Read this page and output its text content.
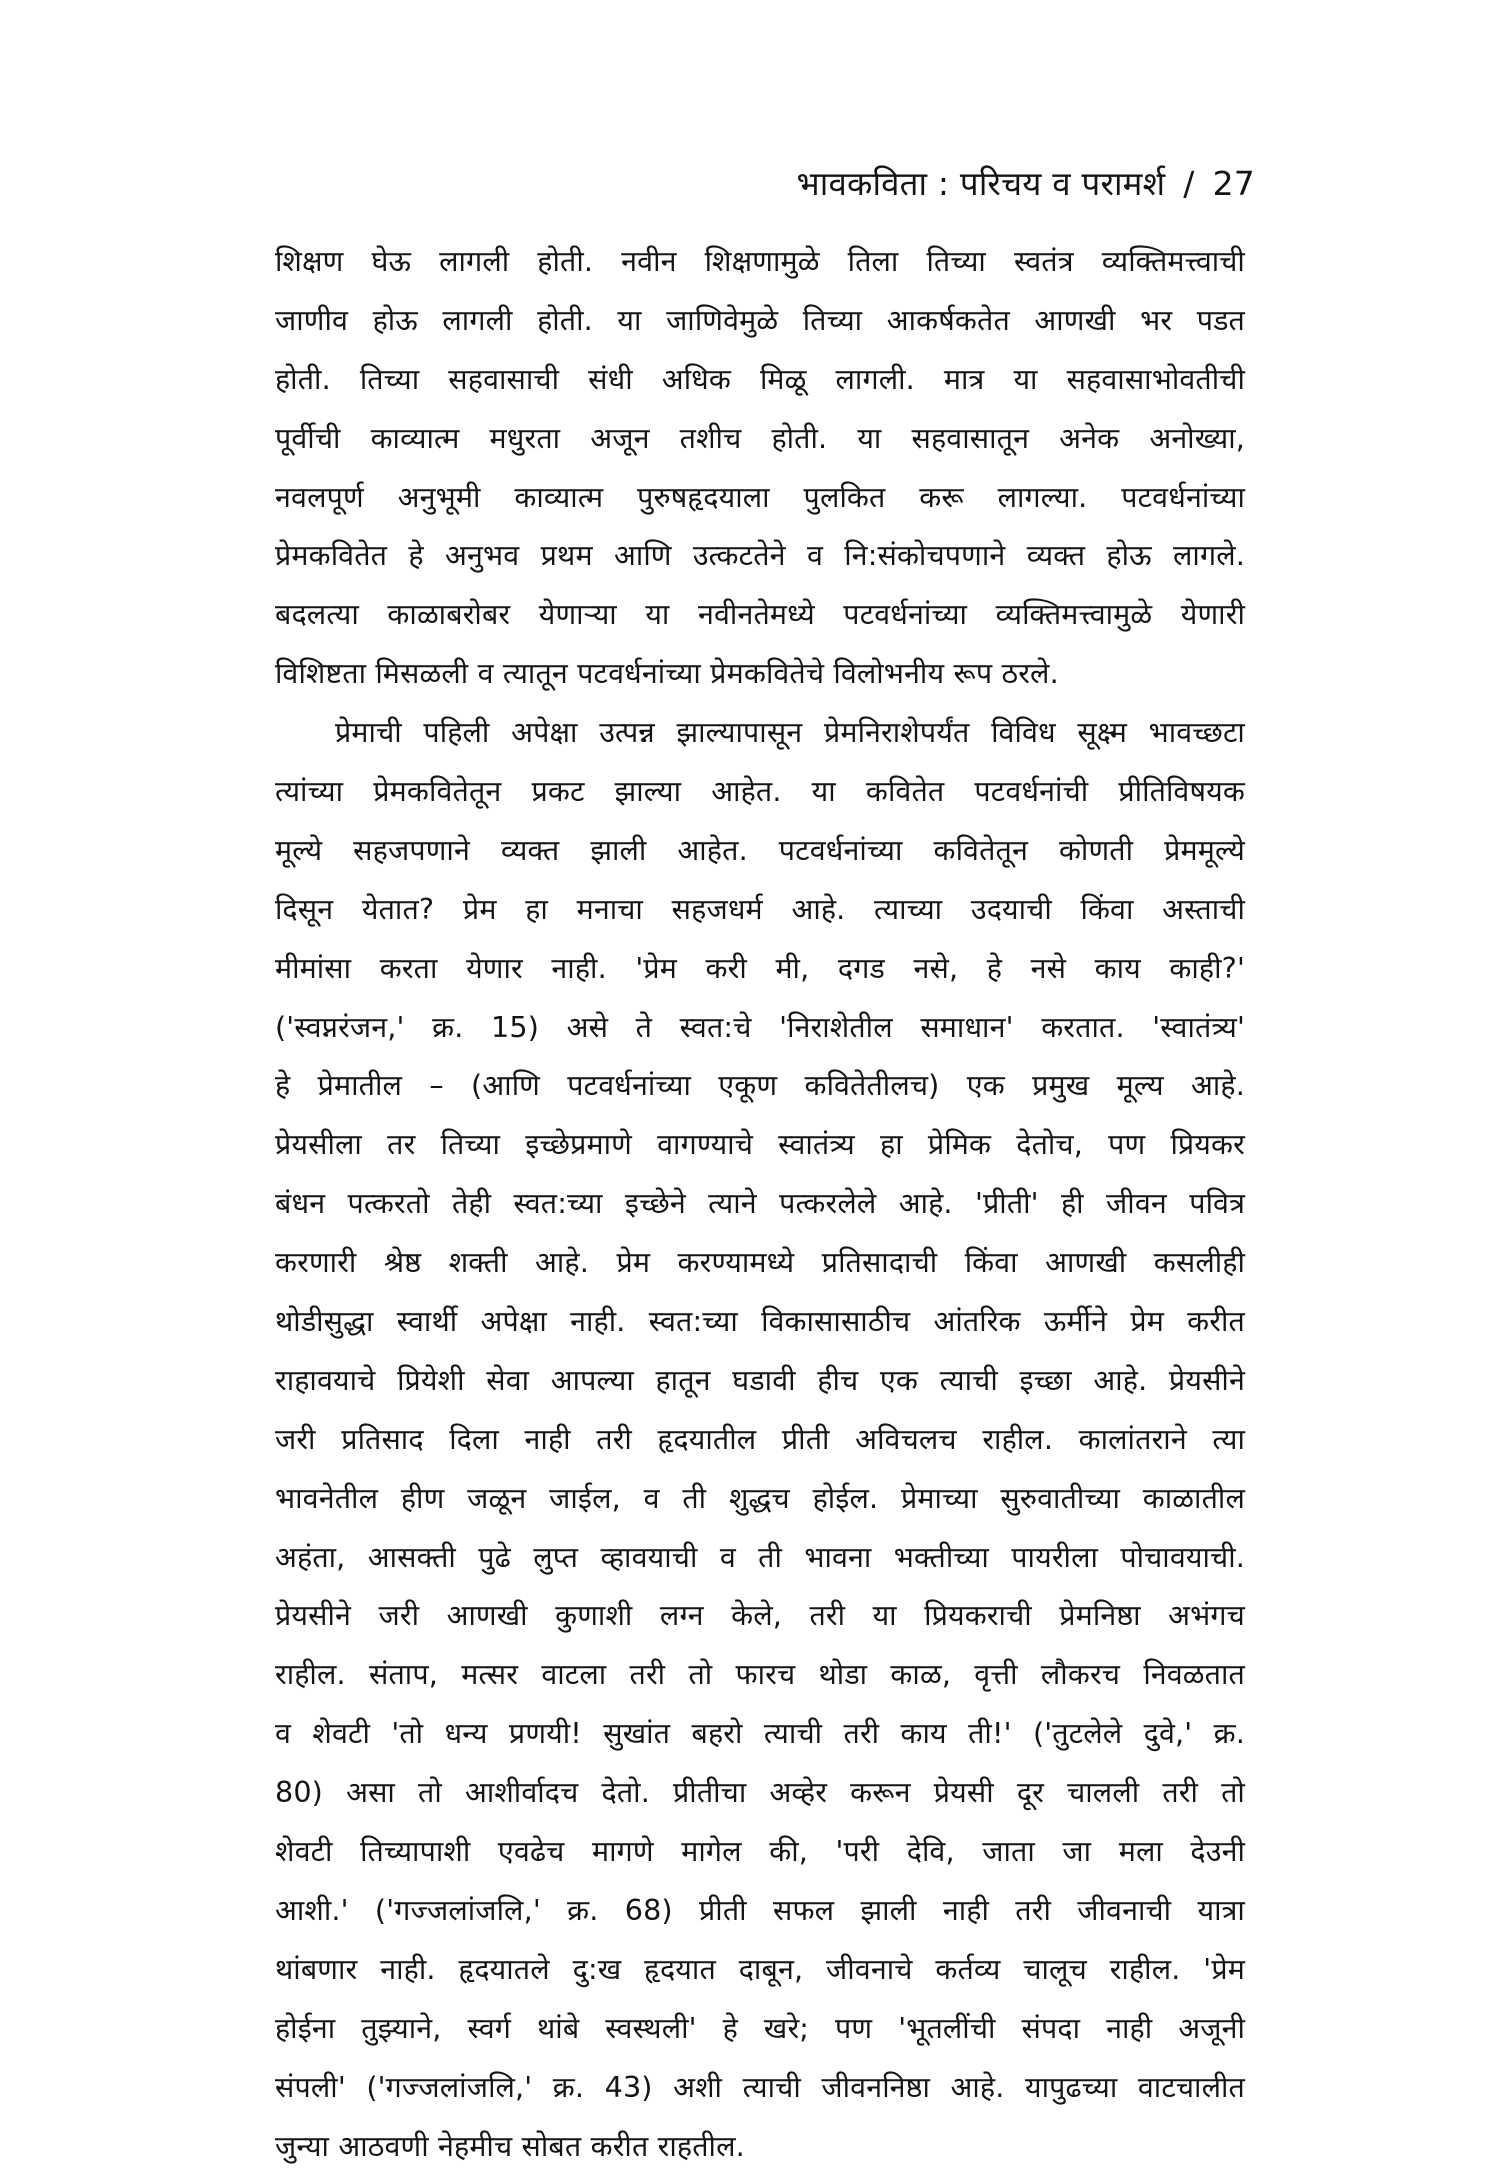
भावकविता : परिचय व परामर्श / 27
शिक्षण घेऊ लागली होती. नवीन शिक्षणामुळे तिला तिच्या स्वतंत्र व्यक्तिमत्त्वाची
जाणीव होऊ लागली होती. या जाणिवेमुळे तिच्या आकर्षकतेत आणखी भर पडत
होती. तिच्या सहवासाची संधी अधिक मिळू लागली. मात्र या सहवासाभोवतीची
पूर्वीची काव्यात्म मधुरता अजून तशीच होती. या सहवासातून अनेक अनोख्या,
नवलपूर्ण अनुभूमी काव्यात्म पुरुषहृदयाला पुलकित करू लागल्या. पटवर्धनांच्या
प्रेमकवितेत हे अनुभव प्रथम आणि उत्कटतेने व नि:संकोचपणाने व्यक्त होऊ लागले.
बदलत्या काळाबरोबर येणाऱ्या या नवीनतेमध्ये पटवर्धनांच्या व्यक्तिमत्त्वामुळे येणारी
विशिष्टता मिसळली व त्यातून पटवर्धनांच्या प्रेमकवितेचे विलोभनीय रूप ठरले.
प्रेमाची पहिली अपेक्षा उत्पन्न झाल्यापासून प्रेमनिराशेपर्यंत विविध सूक्ष्म भावच्छटा
त्यांच्या प्रेमकवितेतून प्रकट झाल्या आहेत. या कवितेत पटवर्धनांची प्रीतिविषयक
मूल्ये सहजपणाने व्यक्त झाली आहेत. पटवर्धनांच्या कवितेतून कोणती प्रेममूल्ये
दिसून येतात? प्रेम हा मनाचा सहजधर्म आहे. त्याच्या उदयाची किंवा अस्ताची
मीमांसा करता येणार नाही. 'प्रेम करी मी, दगड नसे, हे नसे काय काही?'
('स्वप्नरंजन,' क्र. 15) असे ते स्वत:चे 'निराशेतील समाधान' करतात. 'स्वातंत्र्य'
हे प्रेमातील – (आणि पटवर्धनांच्या एकूण कवितेतीलच) एक प्रमुख मूल्य आहे.
प्रेयसीला तर तिच्या इच्छेप्रमाणे वागण्याचे स्वातंत्र्य हा प्रेमिक देतोच, पण प्रियकर
बंधन पत्करतो तेही स्वत:च्या इच्छेने त्याने पत्करलेले आहे. 'प्रीती' ही जीवन पवित्र
करणारी श्रेष्ठ शक्ती आहे. प्रेम करण्यामध्ये प्रतिसादाची किंवा आणखी कसलीही
थोडीसुद्धा स्वार्थी अपेक्षा नाही. स्वत:च्या विकासासाठीच आंतरिक ऊर्मीने प्रेम करीत
राहावयाचे प्रियेशी सेवा आपल्या हातून घडावी हीच एक त्याची इच्छा आहे. प्रेयसीने
जरी प्रतिसाद दिला नाही तरी हृदयातील प्रीती अविचलच राहील. कालांतराने त्या
भावनेतील हीण जळून जाईल, व ती शुद्धच होईल. प्रेमाच्या सुरुवातीच्या काळातील
अहंता, आसक्ती पुढे लुप्त व्हावयाची व ती भावना भक्तीच्या पायरीला पोचावयाची.
प्रेयसीने जरी आणखी कुणाशी लग्न केले, तरी या प्रियकराची प्रेमनिष्ठा अभंगच
राहील. संताप, मत्सर वाटला तरी तो फारच थोडा काळ, वृत्ती लौकरच निवळतात
व शेवटी 'तो धन्य प्रणयी! सुखांत बहरो त्याची तरी काय ती!' ('तुटलेले दुवे,' क्र.
80) असा तो आशीर्वादच देतो. प्रीतीचा अव्हेर करून प्रेयसी दूर चालली तरी तो
शेवटी तिच्यापाशी एवढेच मागणे मागेल की, 'परी देवि, जाता जा मला देउनी
आशी.' ('गज्जलांजलि,' क्र. 68) प्रीती सफल झाली नाही तरी जीवनाची यात्रा
थांबणार नाही. हृदयातले दु:ख हृदयात दाबून, जीवनाचे कर्तव्य चालूच राहील. 'प्रेम
होईना तुझ्याने, स्वर्ग थांबे स्वस्थली' हे खरे; पण 'भूतलींची संपदा नाही अजूनी
संपली' ('गज्जलांजलि,' क्र. 43) अशी त्याची जीवननिष्ठा आहे. यापुढच्या वाटचालीत
जुन्या आठवणी नेहमीच सोबत करीत राहतील.
